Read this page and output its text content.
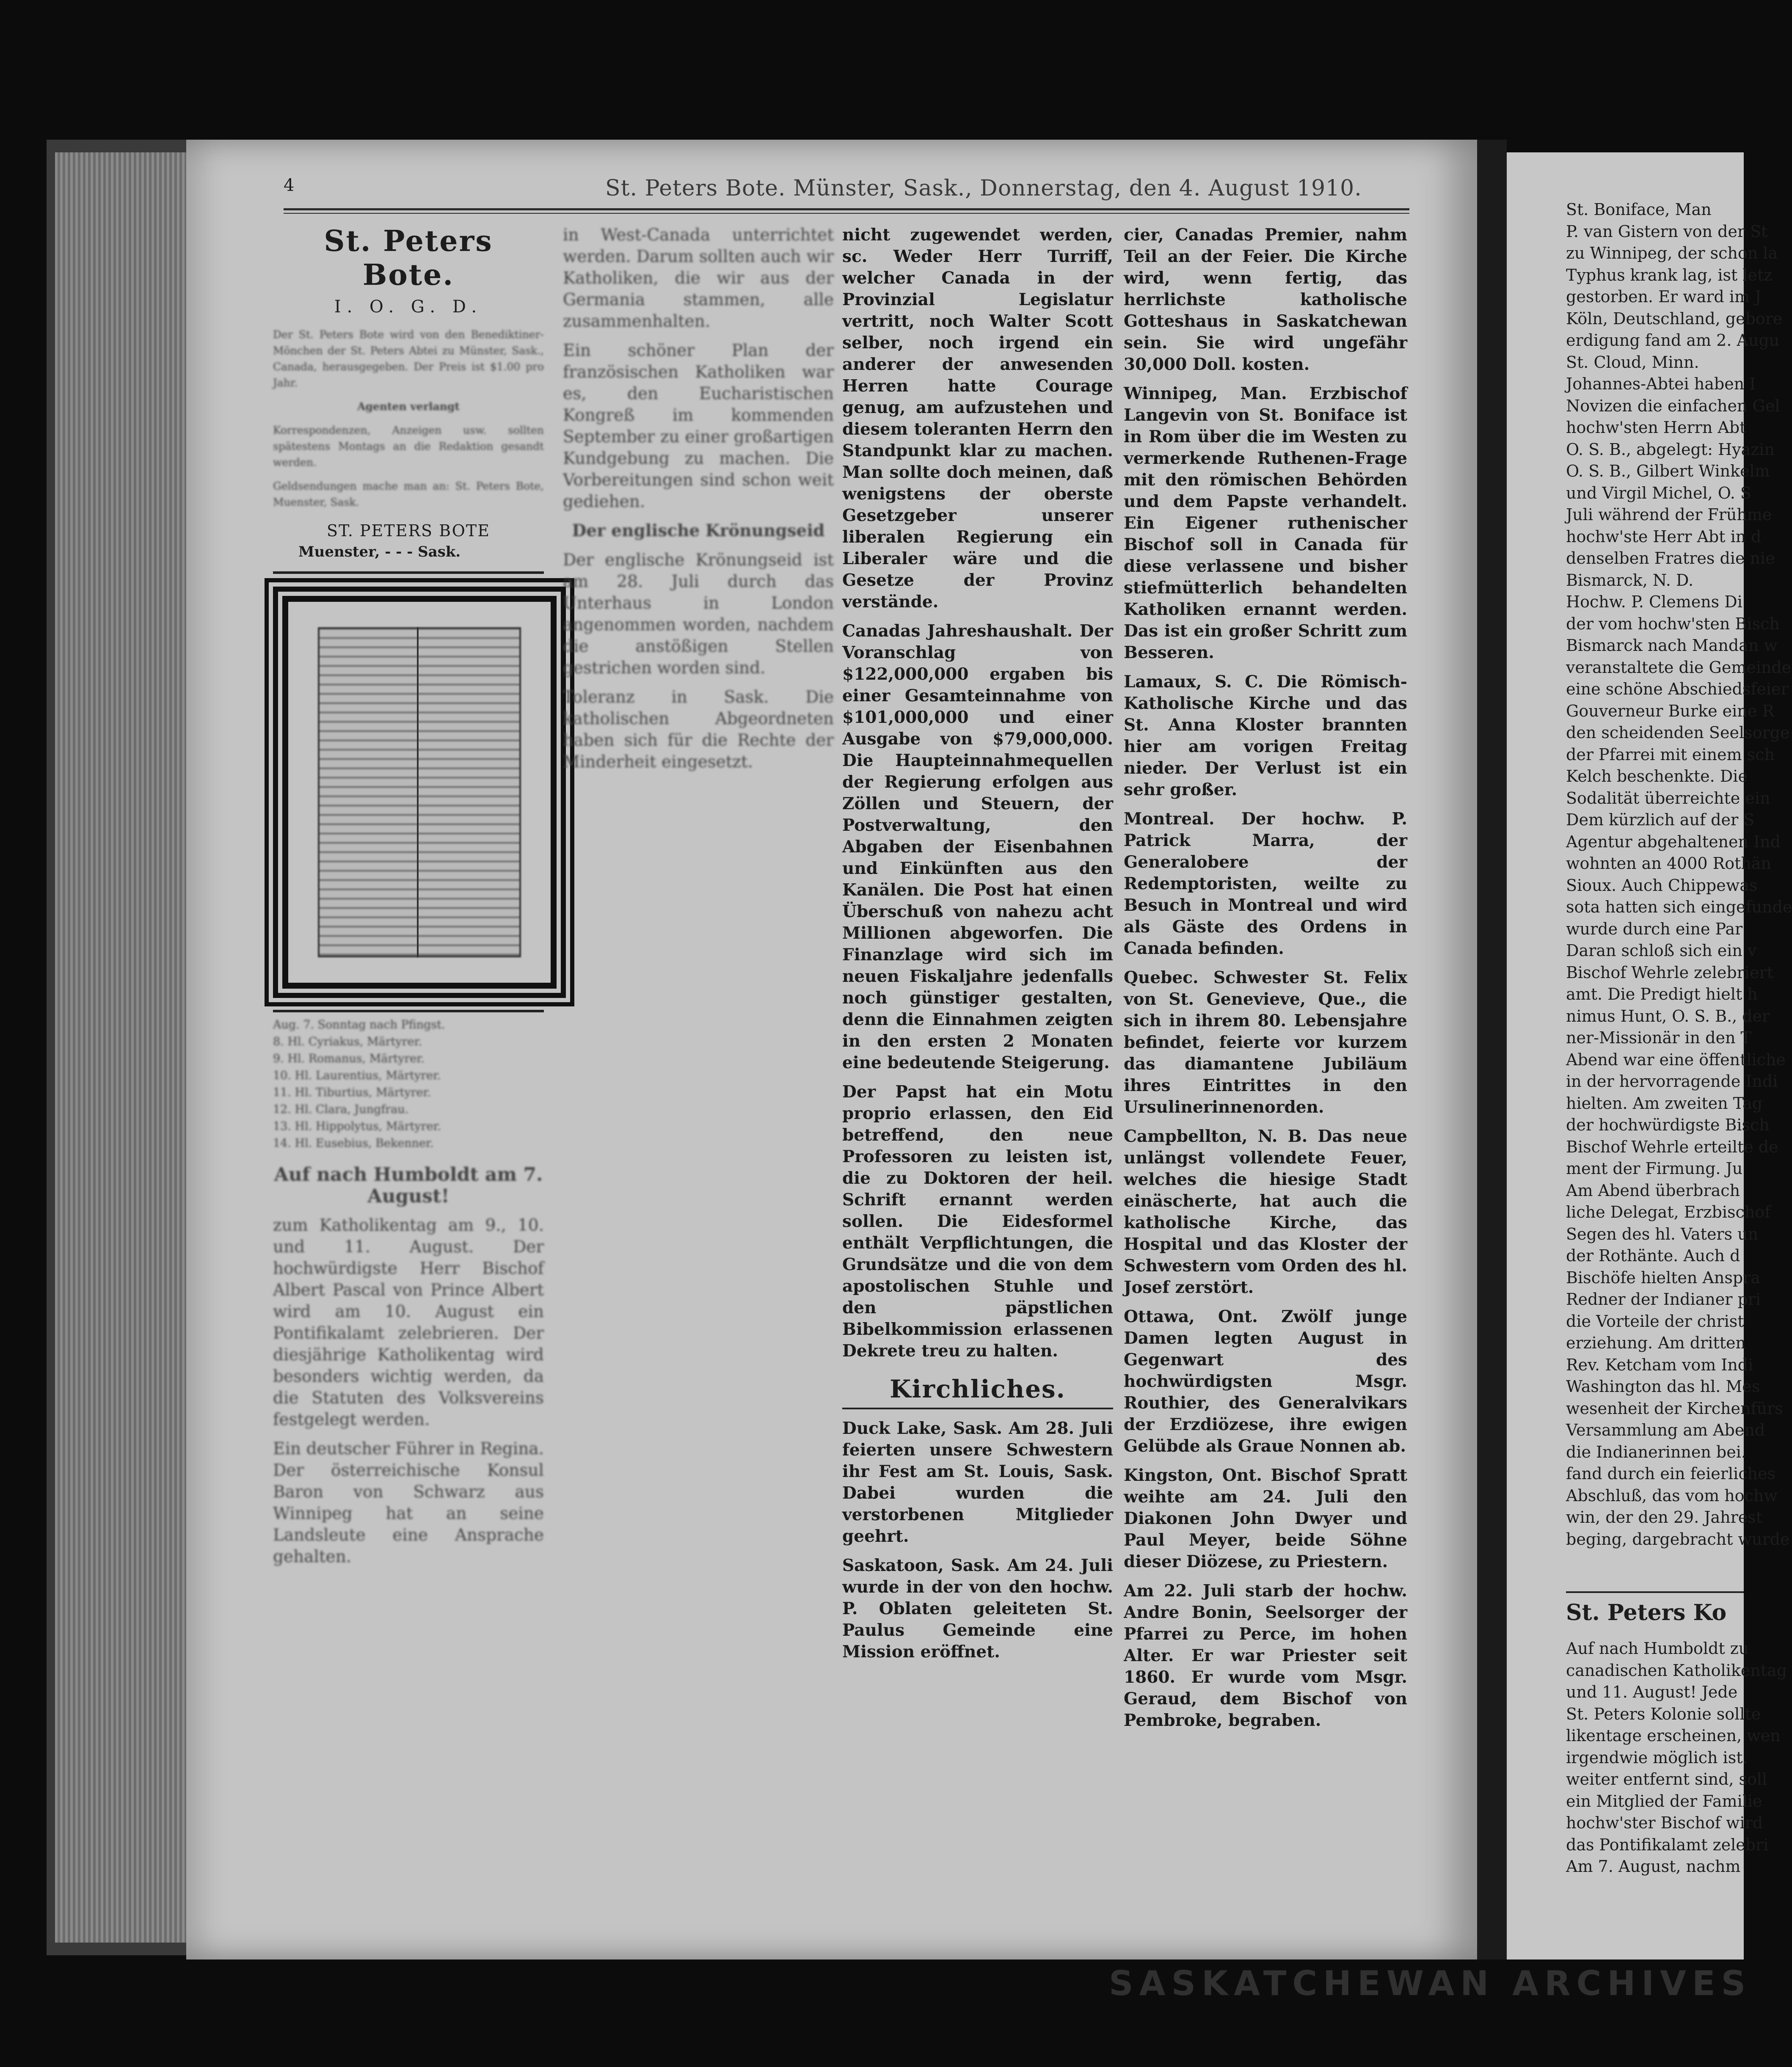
4	St. Peters Bote. Münster, Sask., Donnerstag, den 4. August 1910.
St. Peters Bote.
I. O. G. D.

Der St. Peters Bote wird von den Benediktiner-Mönchen der St. Peters Abtei zu Münster, Sask., Canada, herausgegeben. Der Preis ist $1.00 pro Jahr.

Agenten verlangt

Korrespondenzen, Anzeigen usw. sollten spätestens Montags an die Redaktion gesandt werden.

Geldsendungen mache man an: St. Peters Bote, Muenster, Sask.

ST. PETERS BOTE
Muenster, - - - Sask.

Aug. 7. Sonntag nach Pfingst.

8. Hl. Cyriakus, Märtyrer.

9. Hl. Romanus, Märtyrer.

10. Hl. Laurentius, Märtyrer.

11. Hl. Tiburtius, Märtyrer.

12. Hl. Clara, Jungfrau.

13. Hl. Hippolytus, Märtyrer.

14. Hl. Eusebius, Bekenner.

Auf nach Humboldt am 7. August!

zum Katholikentag am 9., 10. und 11. August. Der hochwürdigste Herr Bischof Albert Pascal von Prince Albert wird am 10. August ein Pontifikalamt zelebrieren. Der diesjährige Katholikentag wird besonders wichtig werden, da die Statuten des Volksvereins festgelegt werden.

Ein deutscher Führer in Regina. Der österreichische Konsul Baron von Schwarz aus Winnipeg hat an seine Landsleute eine Ansprache gehalten.

in West-Canada unterrichtet werden. Darum sollten auch wir Katholiken, die wir aus der Germania stammen, alle zusammenhalten.

Ein schöner Plan der französischen Katholiken war es, den Eucharistischen Kongreß im kommenden September zu einer großartigen Kundgebung zu machen. Die Vorbereitungen sind schon weit gediehen.

Der englische Krönungseid

Der englische Krönungseid ist am 28. Juli durch das Unterhaus in London angenommen worden, nachdem die anstößigen Stellen gestrichen worden sind.

Toleranz in Sask. Die katholischen Abgeordneten haben sich für die Rechte der Minderheit eingesetzt.

nicht zugewendet werden, sc. Weder Herr Turriff, welcher Canada in der Provinzial Legislatur vertritt, noch Walter Scott selber, noch irgend ein anderer der anwesenden Herren hatte Courage genug, am aufzustehen und diesem toleranten Herrn den Standpunkt klar zu machen. Man sollte doch meinen, daß wenigstens der oberste Gesetzgeber unserer liberalen Regierung ein Liberaler wäre und die Gesetze der Provinz verstände.

Canadas Jahreshaushalt. Der Voranschlag von $122,000,000 ergaben bis einer Gesamteinnahme von $101,000,000 und einer Ausgabe von $79,000,000. Die Haupteinnahmequellen der Regierung erfolgen aus Zöllen und Steuern, der Postverwaltung, den Abgaben der Eisenbahnen und Einkünften aus den Kanälen. Die Post hat einen Überschuß von nahezu acht Millionen abgeworfen. Die Finanzlage wird sich im neuen Fiskaljahre jedenfalls noch günstiger gestalten, denn die Einnahmen zeigten in den ersten 2 Monaten eine bedeutende Steigerung.

Der Papst hat ein Motu proprio erlassen, den Eid betreffend, den neue Professoren zu leisten ist, die zu Doktoren der heil. Schrift ernannt werden sollen. Die Eidesformel enthält Verpflichtungen, die Grundsätze und die von dem apostolischen Stuhle und den päpstlichen Bibelkommission erlassenen Dekrete treu zu halten.

Kirchliches.

Duck Lake, Sask. Am 28. Juli feierten unsere Schwestern ihr Fest am St. Louis, Sask. Dabei wurden die verstorbenen Mitglieder geehrt.

Saskatoon, Sask. Am 24. Juli wurde in der von den hochw. P. Oblaten geleiteten St. Paulus Gemeinde eine Mission eröffnet.

cier, Canadas Premier, nahm Teil an der Feier. Die Kirche wird, wenn fertig, das herrlichste katholische Gotteshaus in Saskatchewan sein. Sie wird ungefähr 30,000 Doll. kosten.

Winnipeg, Man. Erzbischof Langevin von St. Boniface ist in Rom über die im Westen zu vermerkende Ruthenen-Frage mit den römischen Behörden und dem Papste verhandelt. Ein Eigener ruthenischer Bischof soll in Canada für diese verlassene und bisher stiefmütterlich behandelten Katholiken ernannt werden. Das ist ein großer Schritt zum Besseren.

Lamaux, S. C. Die Römisch-Katholische Kirche und das St. Anna Kloster brannten hier am vorigen Freitag nieder. Der Verlust ist ein sehr großer.

Montreal. Der hochw. P. Patrick Marra, der Generalobere der Redemptoristen, weilte zu Besuch in Montreal und wird als Gäste des Ordens in Canada befinden.

Quebec. Schwester St. Felix von St. Genevieve, Que., die sich in ihrem 80. Lebensjahre befindet, feierte vor kurzem das diamantene Jubiläum ihres Eintrittes in den Ursulinerinnenorden.

Campbellton, N. B. Das neue unlängst vollendete Feuer, welches die hiesige Stadt einäscherte, hat auch die katholische Kirche, das Hospital und das Kloster der Schwestern vom Orden des hl. Josef zerstört.

Ottawa, Ont. Zwölf junge Damen legten August in Gegenwart des hochwürdigsten Msgr. Routhier, des Generalvikars der Erzdiözese, ihre ewigen Gelübde als Graue Nonnen ab.

Kingston, Ont. Bischof Spratt weihte am 24. Juli den Diakonen John Dwyer und Paul Meyer, beide Söhne dieser Diözese, zu Priestern.

Am 22. Juli starb der hochw. Andre Bonin, Seelsorger der Pfarrei zu Perce, im hohen Alter. Er war Priester seit 1860. Er wurde vom Msgr. Geraud, dem Bischof von Pembroke, begraben.

St. Boniface, Man

P. van Gistern von der St

zu Winnipeg, der schon la

Typhus krank lag, ist letz

gestorben. Er ward im J

Köln, Deutschland, gebore

erdigung fand am 2. Augu

St. Cloud, Minn.

Johannes-Abtei haben I

Novizen die einfachen Gel

hochw'sten Herrn Abt

O. S. B., abgelegt: Hyazin

O. S. B., Gilbert Winkelm

und Virgil Michel, O. S

Juli während der Frühme

hochw'ste Herr Abt in d

denselben Fratres die nie

Bismarck, N. D.

Hochw. P. Clemens Di

der vom hochw'sten Bisch

Bismarck nach Mandan w

veranstaltete die Gemeinde

eine schöne Abschiedsfeier

Gouverneur Burke eine R

den scheidenden Seelsorge

der Pfarrei mit einem sch

Kelch beschenkte. Die

Sodalität überreichte ein

Dem kürzlich auf der S

Agentur abgehaltenen Ind

wohnten an 4000 Rothän

Sioux. Auch Chippewas

sota hatten sich eingefunde

wurde durch eine Par

Daran schloß sich ein v

Bischof Wehrle zelebriert

amt. Die Predigt hielt h

nimus Hunt, O. S. B., der

ner-Missionär in den T

Abend war eine öffentliche

in der hervorragende Indi

hielten. Am zweiten Tag

der hochwürdigste Bisch

Bischof Wehrle erteilte de

ment der Firmung. Ju

Am Abend überbrach

liche Delegat, Erzbischof

Segen des hl. Vaters un

der Rothänte. Auch d

Bischöfe hielten Anspra

Redner der Indianer pri

die Vorteile der christ

erziehung. Am dritten

Rev. Ketcham vom Indi

Washington das hl. Mes

wesenheit der Kirchenfürs

Versammlung am Abend

die Indianerinnen bei.

fand durch ein feierliches

Abschluß, das vom hochw

win, der den 29. Jahrest

beging, dargebracht wurde

St. Peters Ko

Auf nach Humboldt zu

canadischen Katholikentag

und 11. August! Jede

St. Peters Kolonie sollte

likentage erscheinen, wen

irgendwie möglich ist.

weiter entfernt sind, soll

ein Mitglied der Familie

hochw'ster Bischof wird

das Pontifikalamt zelebri

Am 7. August, nachm

SASKATCHEWAN ARCHIVES
